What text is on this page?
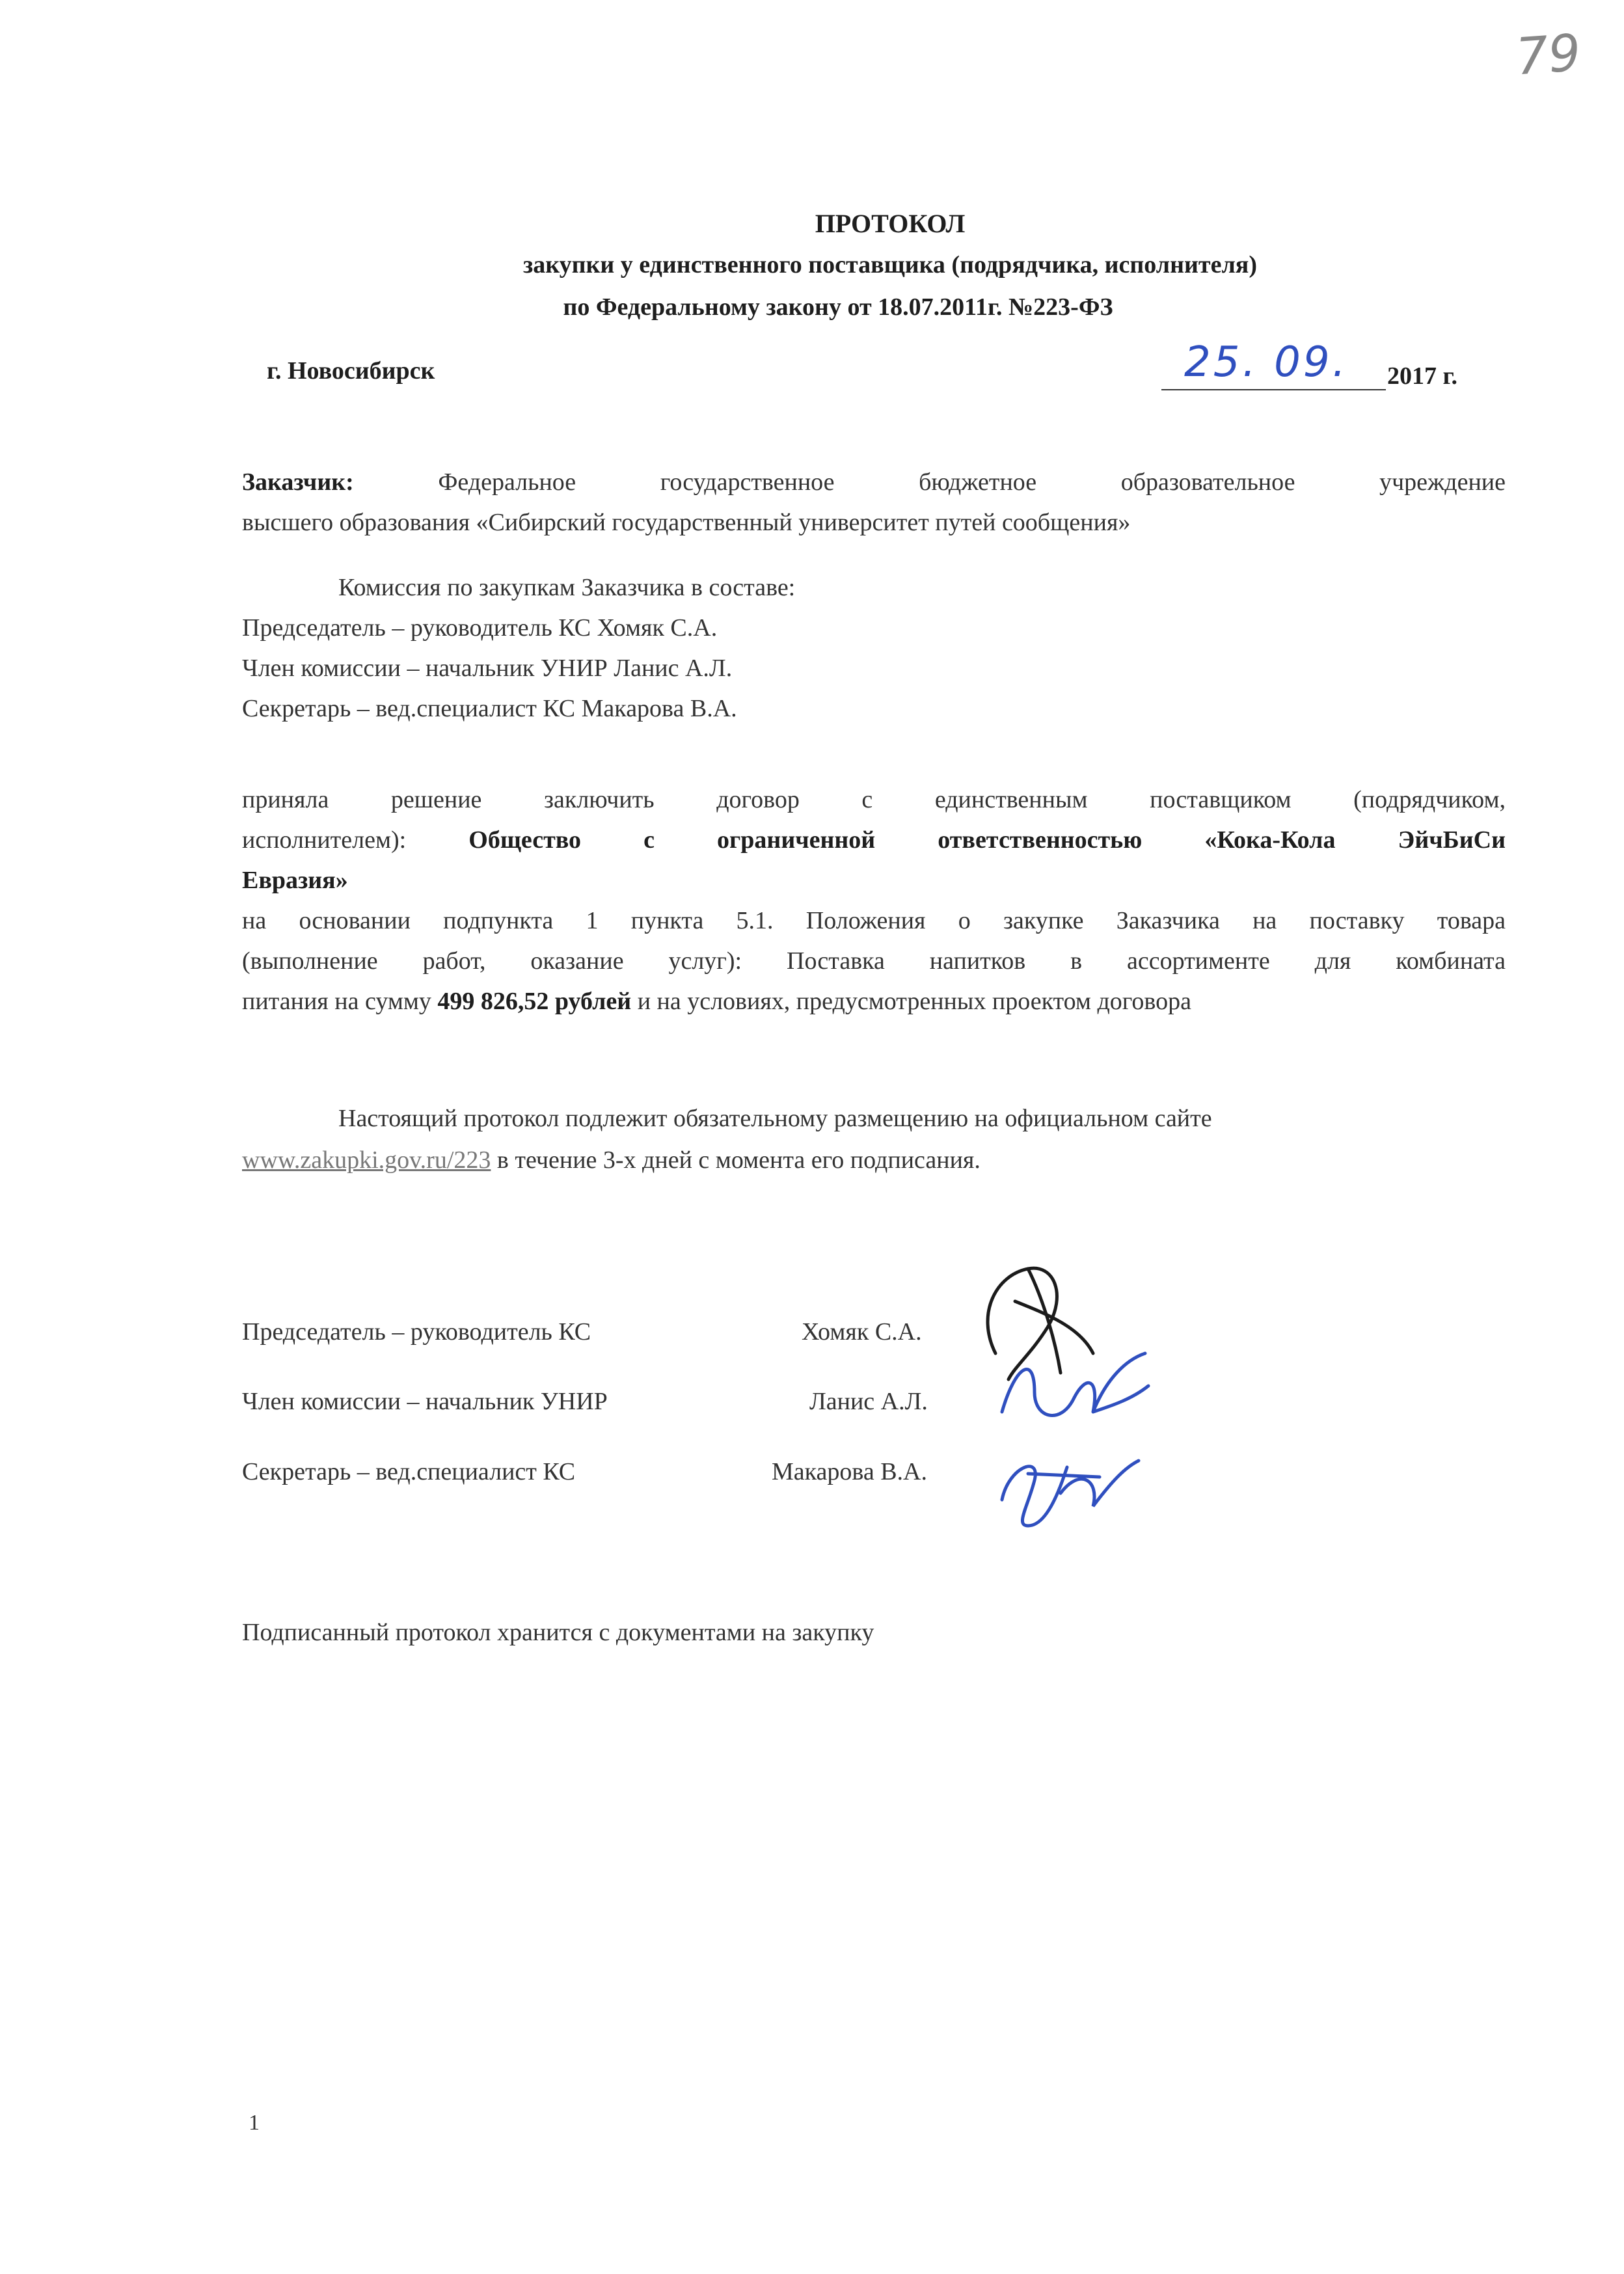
79
ПРОТОКОЛ
закупки у единственного поставщика (подрядчика, исполнителя)
по Федеральному закону от 18.07.2011г. №223-ФЗ
г. Новосибирск	25. 09. 2017 г.
Заказчик:	Федеральное государственное бюджетное образовательное учреждение
высшего образования «Сибирский государственный университет путей сообщения»
Комиссия по закупкам Заказчика в составе:
Председатель – руководитель КС Хомяк С.А.
Член комиссии – начальник УНИР Ланис А.Л.
Секретарь – вед.специалист КС Макарова В.А.
приняла решение заключить договор с единственным поставщиком (подрядчиком,
исполнителем):	Общество с ограниченной ответственностью «Кока-Кола ЭйчБиСи
Евразия»
на основании подпункта 1 пункта 5.1. Положения о закупке Заказчика на поставку товара
(выполнение работ, оказание услуг): Поставка напитков в ассортименте для комбината
питания на сумму 499 826,52 рублей и на условиях, предусмотренных проектом договора
Настоящий протокол подлежит обязательному размещению на официальном сайте
www.zakupki.gov.ru/223 в течение 3-х дней с момента его подписания.
Председатель – руководитель КС	Хомяк С.А.
Член комиссии – начальник УНИР	Ланис А.Л.
Секретарь – вед.специалист КС	Макарова В.А.
Подписанный протокол хранится с документами на закупку
1
